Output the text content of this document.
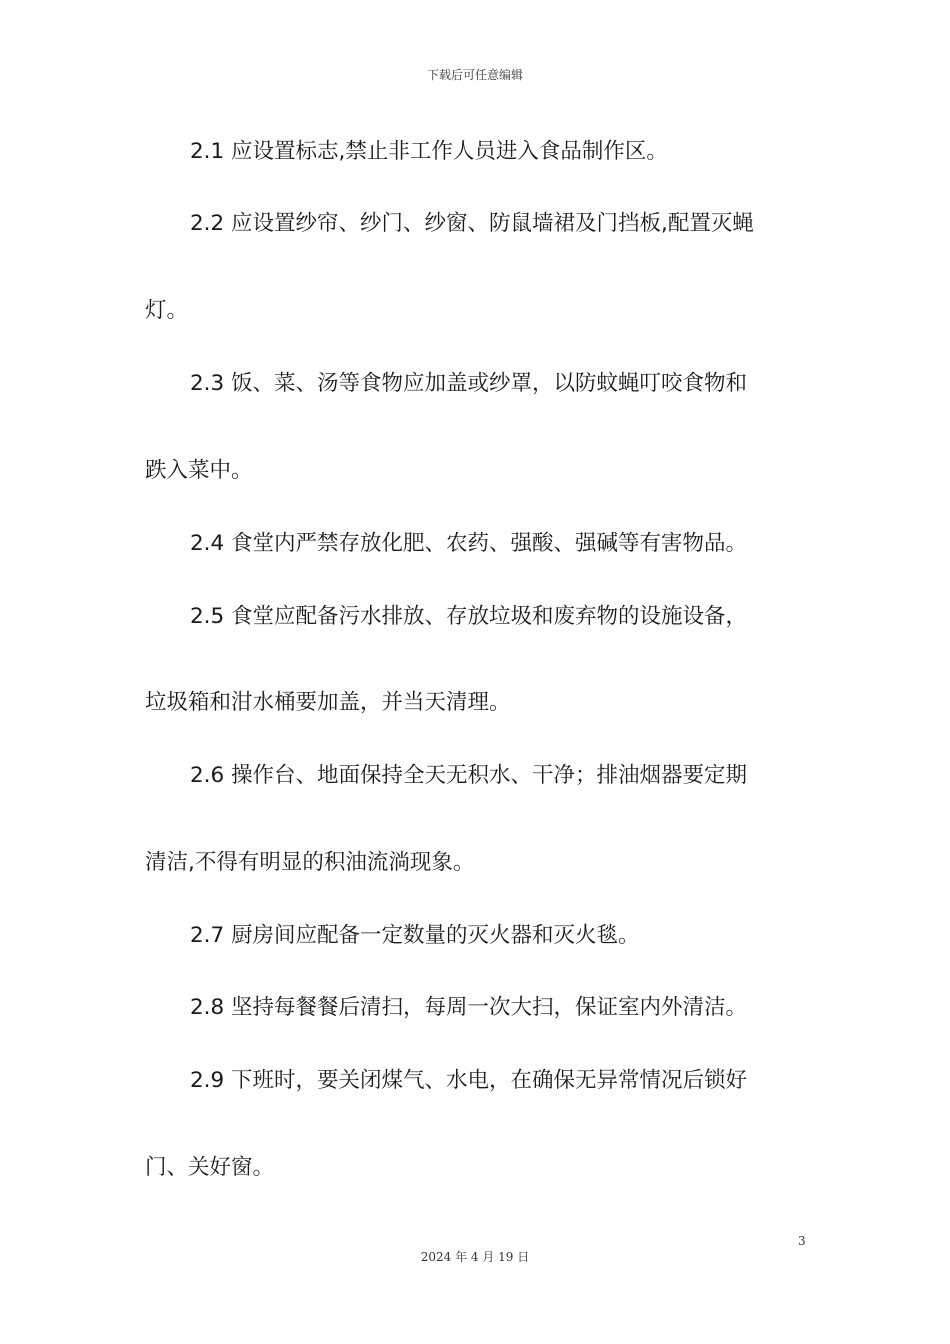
下载后可任意编辑

2.1 应设置标志,禁止非工作人员进入食品制作区。

2.2 应设置纱帘、纱门、纱窗、防鼠墙裙及门挡板,配置灭蝇

灯。

2.3 饭、菜、汤等食物应加盖或纱罩，以防蚊蝇叮咬食物和

跌入菜中。

2.4 食堂内严禁存放化肥、农药、强酸、强碱等有害物品。

2.5 食堂应配备污水排放、存放垃圾和废弃物的设施设备，

垃圾箱和泔水桶要加盖，并当天清理。

2.6 操作台、地面保持全天无积水、干净；排油烟器要定期

清洁,不得有明显的积油流淌现象。

2.7 厨房间应配备一定数量的灭火器和灭火毯。

2.8 坚持每餐餐后清扫，每周一次大扫，保证室内外清洁。

2.9 下班时，要关闭煤气、水电，在确保无异常情况后锁好

门、关好窗。

3
2024 年 4 月 19 日
